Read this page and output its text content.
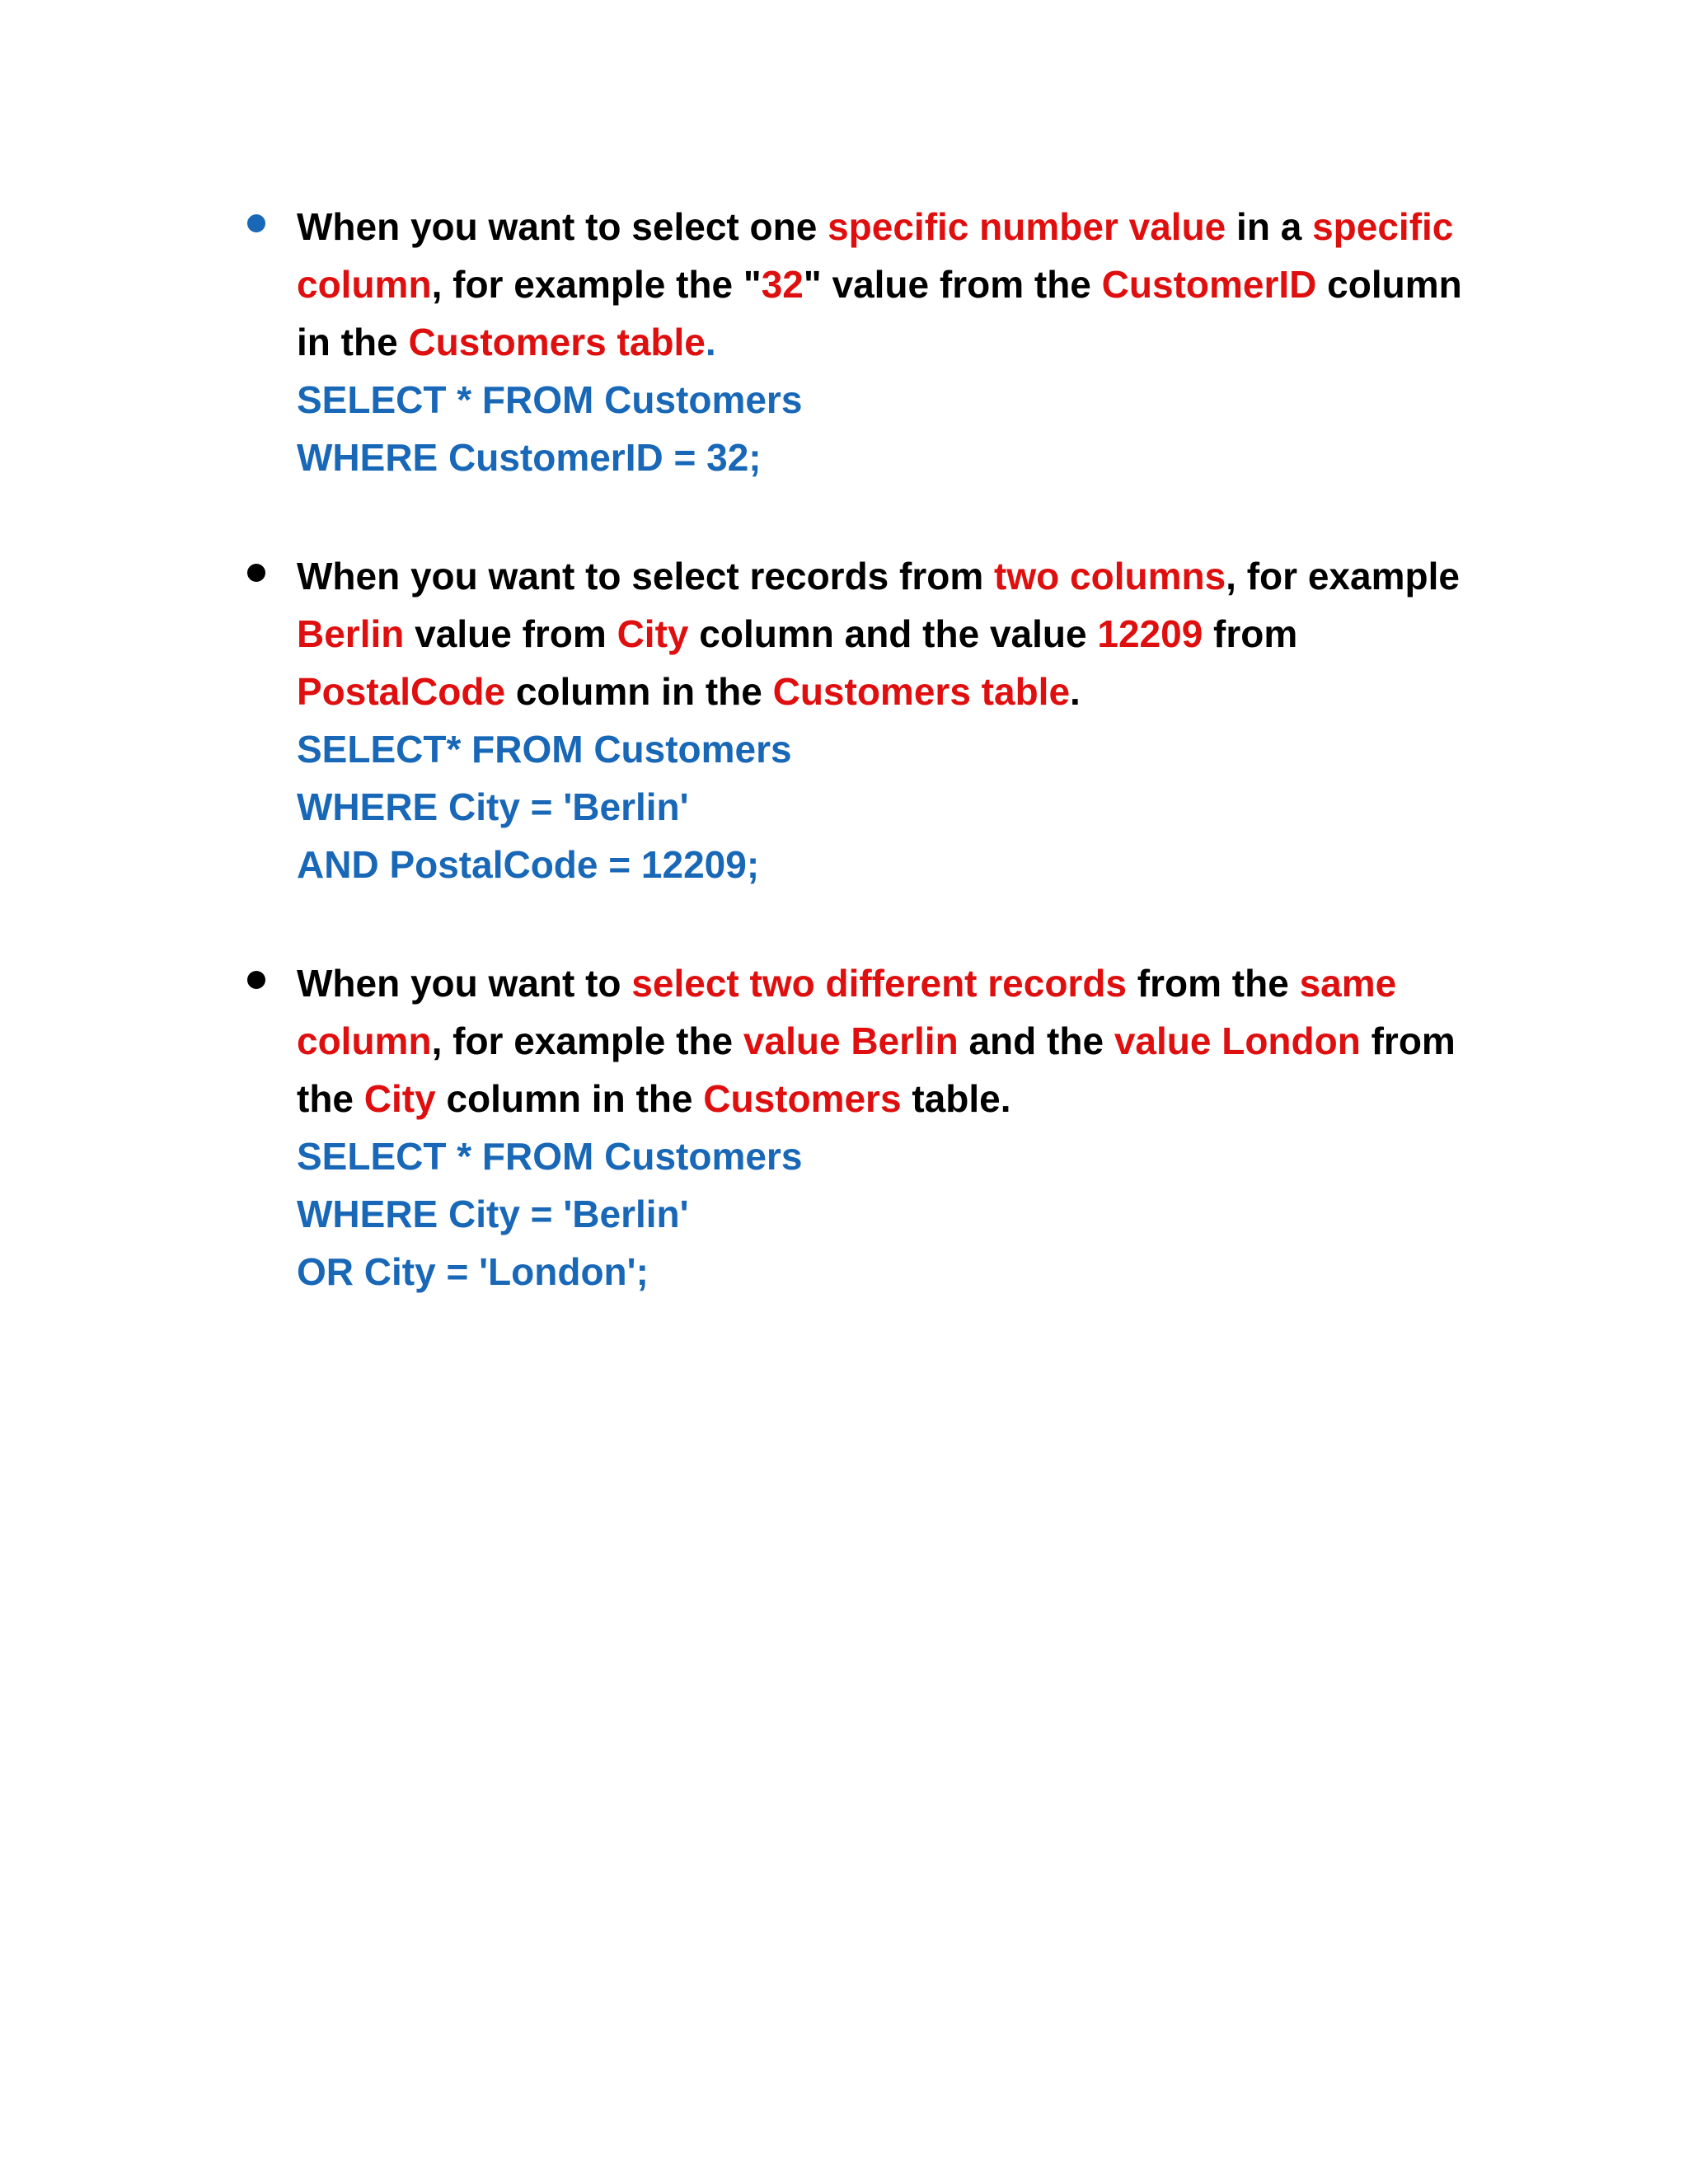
When you want to select one specific number value in a specific column, for example the "32" value from the CustomerID column in the Customers table.

SELECT * FROM Customers

WHERE CustomerID = 32;

When you want to select records from two columns, for example Berlin value from City column and the value 12209 from PostalCode column in the Customers table.

SELECT* FROM Customers

WHERE City = 'Berlin'

AND PostalCode = 12209;

When you want to select two different records from the same column, for example the value Berlin and the value London from the City column in the Customers table.

SELECT * FROM Customers

WHERE City = 'Berlin'

OR City = 'London';
